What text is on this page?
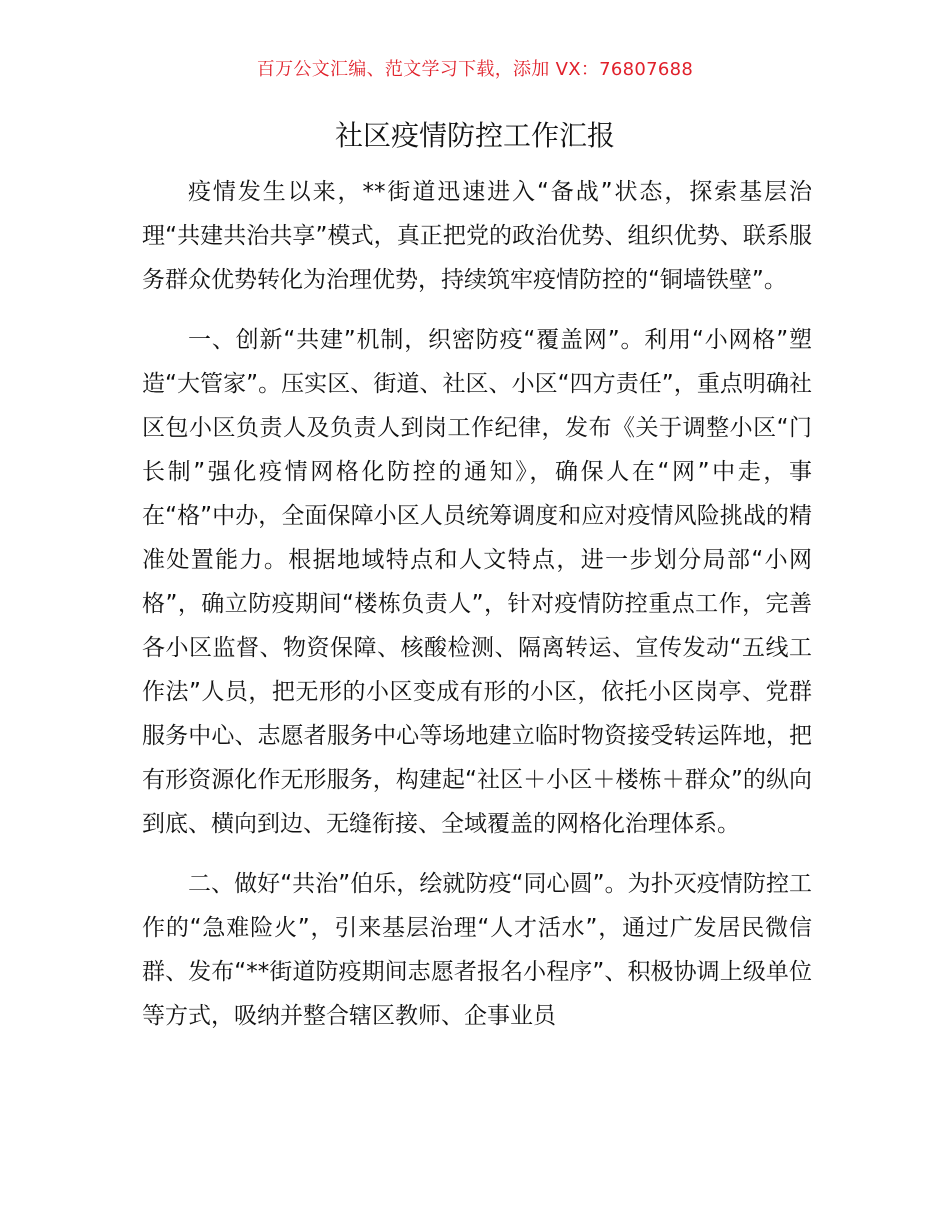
百万公文汇编、范文学习下载，添加 VX：76807688
社区疫情防控工作汇报

疫情发生以来，**街道迅速进入“备战”状态，探索基层治理“共建共治共享”模式，真正把党的政治优势、组织优势、联系服务群众优势转化为治理优势，持续筑牢疫情防控的“铜墙铁壁”。

一、创新“共建”机制，织密防疫“覆盖网”。利用“小网格”塑造“大管家”。压实区、街道、社区、小区“四方责任”，重点明确社区包小区负责人及负责人到岗工作纪律，发布《关于调整小区“门长制”强化疫情网格化防控的通知》，确保人在“网”中走，事在“格”中办，全面保障小区人员统筹调度和应对疫情风险挑战的精准处置能力。根据地域特点和人文特点，进一步划分局部“小网格”，确立防疫期间“楼栋负责人”，针对疫情防控重点工作，完善各小区监督、物资保障、核酸检测、隔离转运、宣传发动“五线工作法”人员，把无形的小区变成有形的小区，依托小区岗亭、党群服务中心、志愿者服务中心等场地建立临时物资接受转运阵地，把有形资源化作无形服务，构建起“社区＋小区＋楼栋＋群众”的纵向到底、横向到边、无缝衔接、全域覆盖的网格化治理体系。

二、做好“共治”伯乐，绘就防疫“同心圆”。为扑灭疫情防控工作的“急难险火”，引来基层治理“人才活水”，通过广发居民微信群、发布“**街道防疫期间志愿者报名小程序”、积极协调上级单位等方式，吸纳并整合辖区教师、企事业员
